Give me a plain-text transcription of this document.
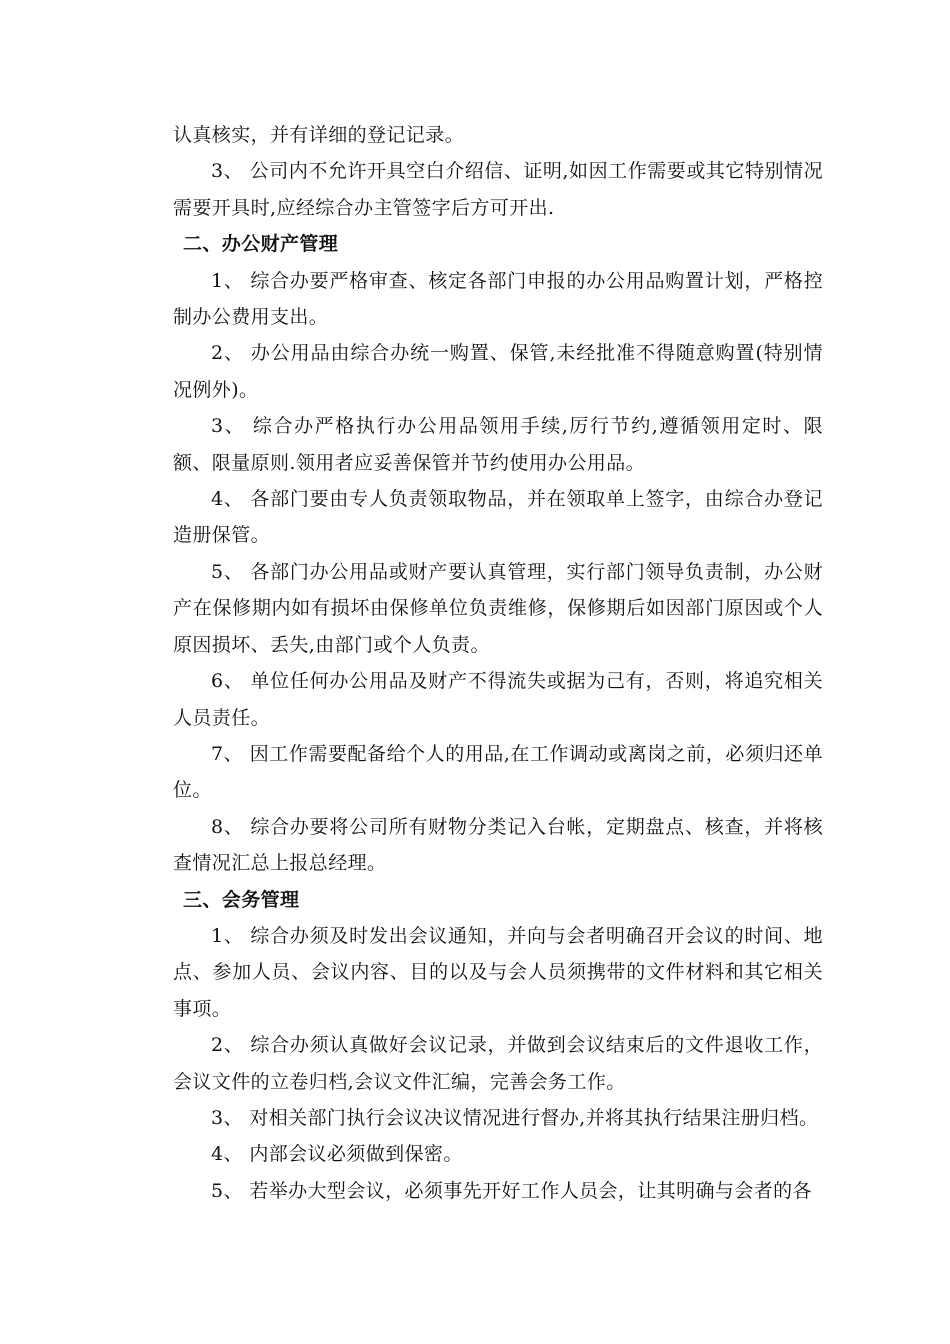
认真核实，并有详细的登记记录。

3、 公司内不允许开具空白介绍信、证明,如因工作需要或其它特别情况需要开具时,应经综合办主管签字后方可开出.

二、办公财产管理

1、 综合办要严格审查、核定各部门申报的办公用品购置计划，严格控制办公费用支出。

2、 办公用品由综合办统一购置、保管,未经批准不得随意购置(特别情况例外)。

3、 综合办严格执行办公用品领用手续,厉行节约,遵循领用定时、限额、限量原则.领用者应妥善保管并节约使用办公用品。

4、 各部门要由专人负责领取物品，并在领取单上签字，由综合办登记造册保管。

5、 各部门办公用品或财产要认真管理，实行部门领导负责制，办公财产在保修期内如有损坏由保修单位负责维修，保修期后如因部门原因或个人原因损坏、丢失,由部门或个人负责。

6、 单位任何办公用品及财产不得流失或据为己有，否则，将追究相关人员责任。

7、 因工作需要配备给个人的用品,在工作调动或离岗之前，必须归还单位。

8、 综合办要将公司所有财物分类记入台帐，定期盘点、核查，并将核查情况汇总上报总经理。

三、会务管理

1、 综合办须及时发出会议通知，并向与会者明确召开会议的时间、地点、参加人员、会议内容、目的以及与会人员须携带的文件材料和其它相关事项。

2、 综合办须认真做好会议记录，并做到会议结束后的文件退收工作，会议文件的立卷归档,会议文件汇编，完善会务工作。

3、 对相关部门执行会议决议情况进行督办,并将其执行结果注册归档。

4、 内部会议必须做到保密。

5、 若举办大型会议，必须事先开好工作人员会，让其明确与会者的各
